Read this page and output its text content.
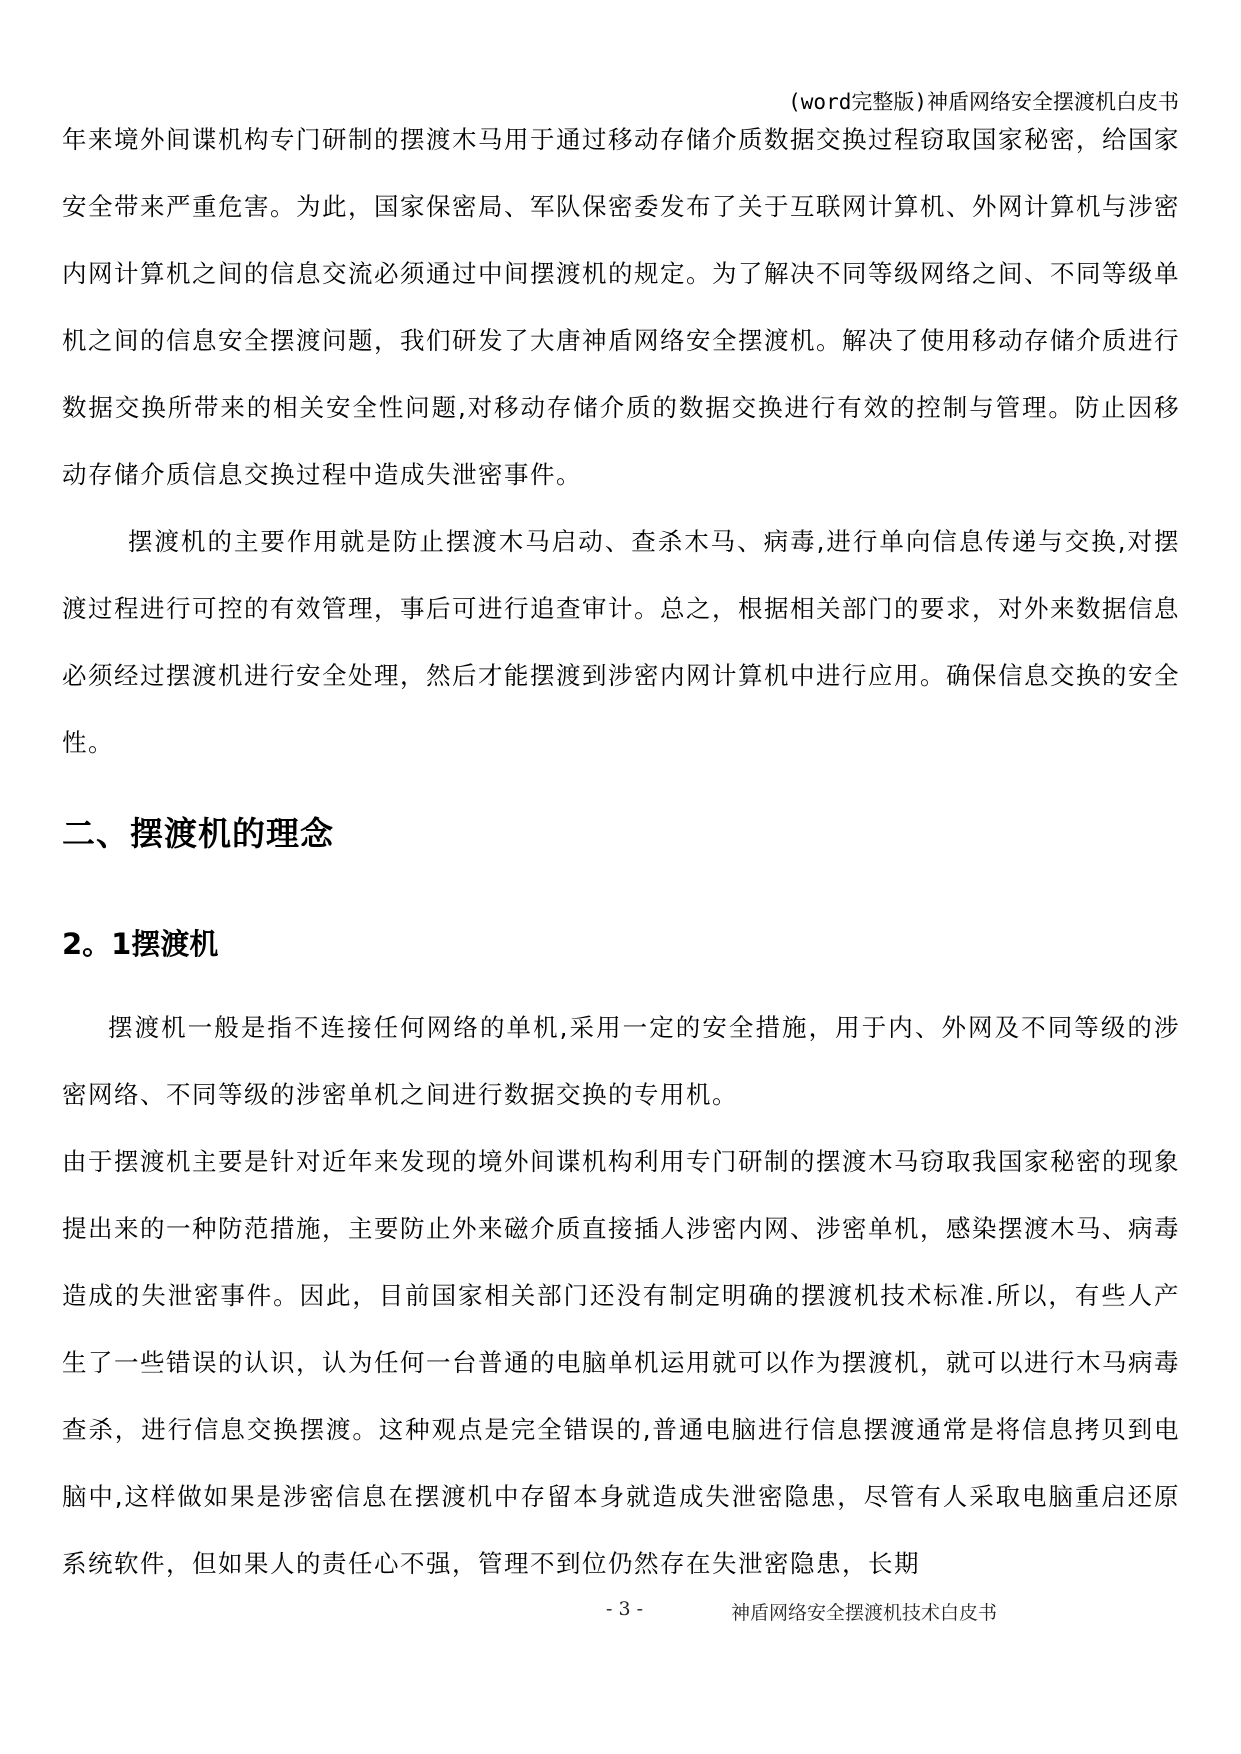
(word完整版)神盾网络安全摆渡机白皮书

年来境外间谍机构专门研制的摆渡木马用于通过移动存储介质数据交换过程窃取国家秘密，给国家安全带来严重危害。为此，国家保密局、军队保密委发布了关于互联网计算机、外网计算机与涉密内网计算机之间的信息交流必须通过中间摆渡机的规定。为了解决不同等级网络之间、不同等级单机之间的信息安全摆渡问题，我们研发了大唐神盾网络安全摆渡机。解决了使用移动存储介质进行数据交换所带来的相关安全性问题,对移动存储介质的数据交换进行有效的控制与管理。防止因移动存储介质信息交换过程中造成失泄密事件。

摆渡机的主要作用就是防止摆渡木马启动、查杀木马、病毒,进行单向信息传递与交换,对摆渡过程进行可控的有效管理，事后可进行追查审计。总之，根据相关部门的要求，对外来数据信息必须经过摆渡机进行安全处理，然后才能摆渡到涉密内网计算机中进行应用。确保信息交换的安全性。

二、摆渡机的理念
2。1摆渡机

摆渡机一般是指不连接任何网络的单机,采用一定的安全措施，用于内、外网及不同等级的涉密网络、不同等级的涉密单机之间进行数据交换的专用机。

由于摆渡机主要是针对近年来发现的境外间谍机构利用专门研制的摆渡木马窃取我国家秘密的现象提出来的一种防范措施，主要防止外来磁介质直接插人涉密内网、涉密单机，感染摆渡木马、病毒造成的失泄密事件。因此，目前国家相关部门还没有制定明确的摆渡机技术标准.所以，有些人产生了一些错误的认识，认为任何一台普通的电脑单机运用就可以作为摆渡机，就可以进行木马病毒查杀，进行信息交换摆渡。这种观点是完全错误的,普通电脑进行信息摆渡通常是将信息拷贝到电脑中,这样做如果是涉密信息在摆渡机中存留本身就造成失泄密隐患，尽管有人采取电脑重启还原系统软件，但如果人的责任心不强，管理不到位仍然存在失泄密隐患，长期

- 3 -	神盾网络安全摆渡机技术白皮书
